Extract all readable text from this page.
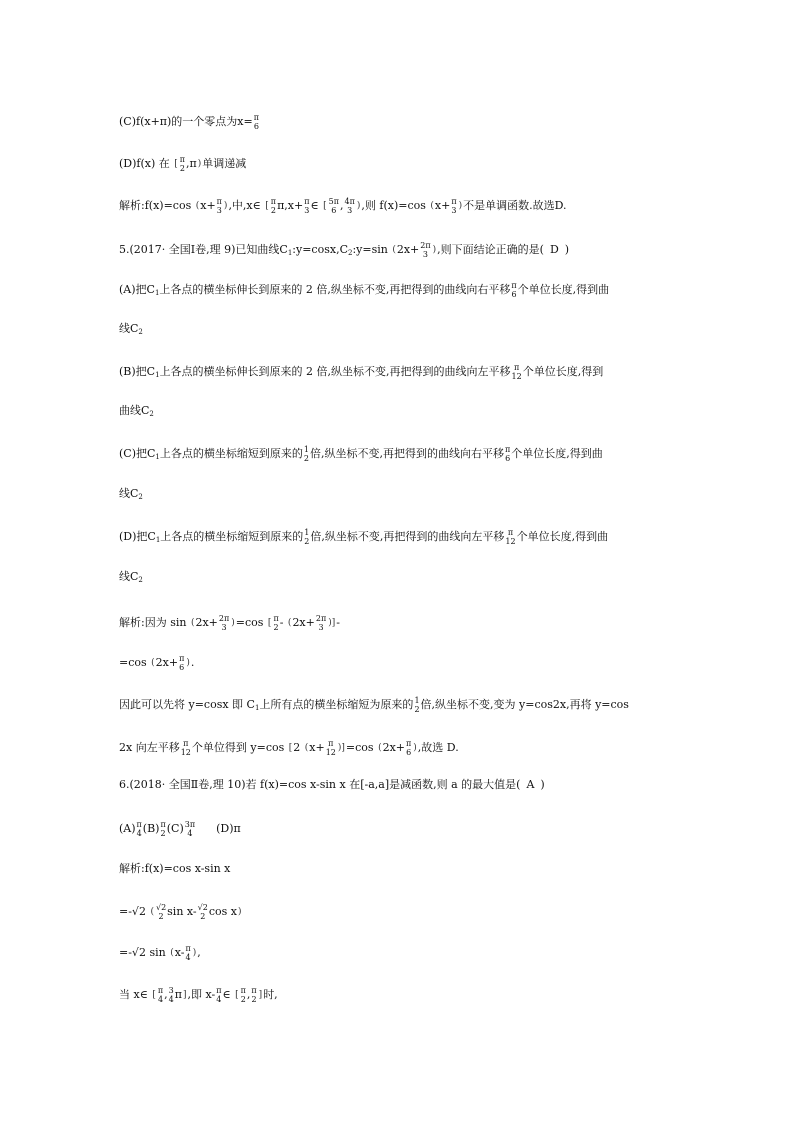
(C)f(x+π)的一个零点为x= π
6
(D)f(x) 在 [ π
2 ,π)单调递减
解析:f(x)=cos (x+ π
3 ),中,x∈ [ π
2 π,x+ π
3 ∈ [ 5π
6 , 4π
3 ),则 f(x)=cos (x+ π
3 )不是单调函数.故选D.
5.(2017· 全国Ⅰ卷,理 9)已知曲线$C_1:y=\cos x,C_2:y=\sin$ (2x+ 2π
3 ),则下面结论正确的是( D )
(A)把$C_1$上各点的横坐标伸长到原来的 2 倍,纵坐标不变,再把得到的曲线向右平移 π
6 个单位长度,得到曲
线$C_2$
(B)把$C_1$上各点的横坐标伸长到原来的 2 倍,纵坐标不变,再把得到的曲线向左平移 π
12 个单位长度,得到
曲线$C_2$
(C)把$C_1$上各点的横坐标缩短到原来的 1
2 倍,纵坐标不变,再把得到的曲线向右平移 π
6 个单位长度,得到曲
线$C_2$
(D)把$C_1$上各点的横坐标缩短到原来的 1
2 倍,纵坐标不变,再把得到的曲线向左平移 π
12 个单位长度,得到曲
线$C_2$
解析:因为 sin (2x+ 2π
3 )=cos [ π
2 - (2x+ 2π
3 )]-
=cos (2x+ π
6 ).
因此可以先将 y=cosx 即 $C_1$上所有点的横坐标缩短为原来的 1
2 倍,纵坐标不变,变为 y=cos2x,再将 y=cos
2x 向左平移 π
12 个单位得到 y=cos [2 (x+ π
12 )]=cos (2x+ π
6 ),故选 D.
6.(2018· 全国Ⅱ卷,理 10)若 f(x)=cos x-sin x 在[-a,a]是减函数,则 a 的最大值是( A )
(A) π
4 (B) π
2 (C) 3π
4 (D)π
解析:f(x)=cos x-sin x
=-√2 ( √2
2 sin x- √2
2 cos x)
=-√2 sin (x- π
4 ),
当 x∈ [ π
4 , 3
4 π],即 x- π
4 ∈ [ π
2 , π
2 ]时,
